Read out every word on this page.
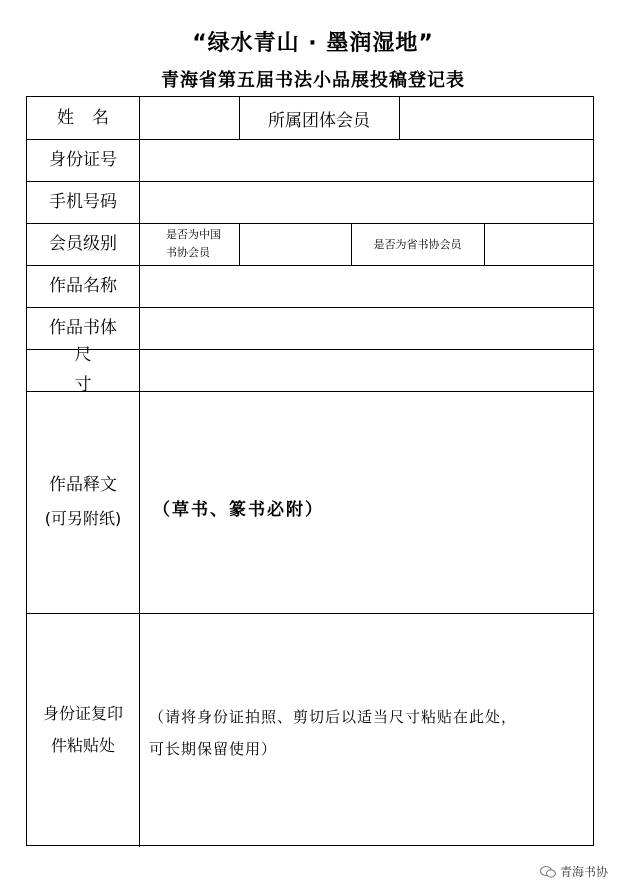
“绿水青山 · 墨润湿地”
青海省第五届书法小品展投稿登记表
姓名	所属团体会员
身份证号
手机号码
会员级别	是否为中国
书协会员
是否为省书协会员
作品名称
作品书体
尺寸
作品释文
(可另附纸) （草书、篆书必附）
身份证复印
件粘贴处
（请将身份证拍照、剪切后以适当尺寸粘贴在此处，
可长期保留使用）
青海书协
